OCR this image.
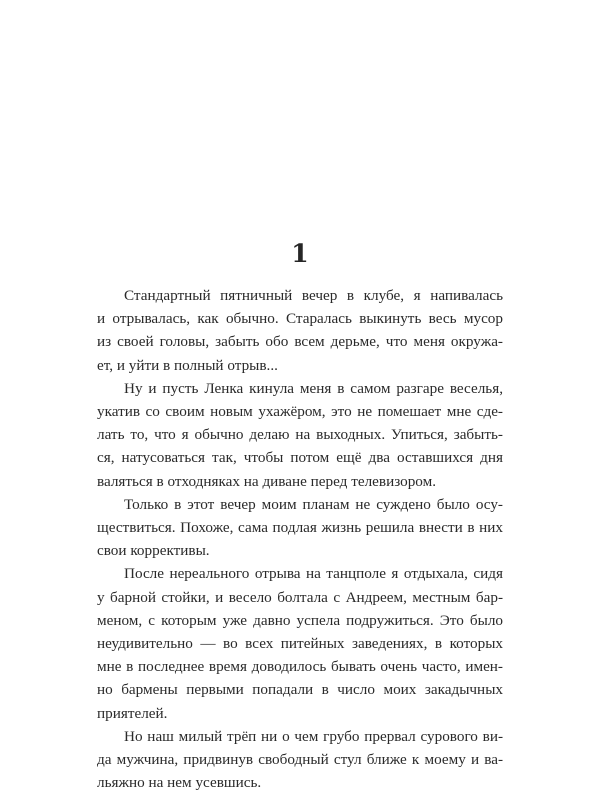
1
Стандартный пятничный вечер в клубе, я напивалась
и отрывалась, как обычно. Старалась выкинуть весь мусор
из своей головы, забыть обо всем дерьме, что меня окружа-
ет, и уйти в полный отрыв...
Ну и пусть Ленка кинула меня в самом разгаре веселья,
укатив со своим новым ухажёром, это не помешает мне сде-
лать то, что я обычно делаю на выходных. Упиться, забыть-
ся, натусоваться так, чтобы потом ещё два оставшихся дня
валяться в отходняках на диване перед телевизором.
Только в этот вечер моим планам не суждено было осу-
ществиться. Похоже, сама подлая жизнь решила внести в них
свои коррективы.
После нереального отрыва на танцполе я отдыхала, сидя
у барной стойки, и весело болтала с Андреем, местным бар-
меном, с которым уже давно успела подружиться. Это было
неудивительно — во всех питейных заведениях, в которых
мне в последнее время доводилось бывать очень часто, имен-
но бармены первыми попадали в число моих закадычных
приятелей.
Но наш милый трёп ни о чем грубо прервал сурового ви-
да мужчина, придвинув свободный стул ближе к моему и ва-
льяжно на нем усевшись.
